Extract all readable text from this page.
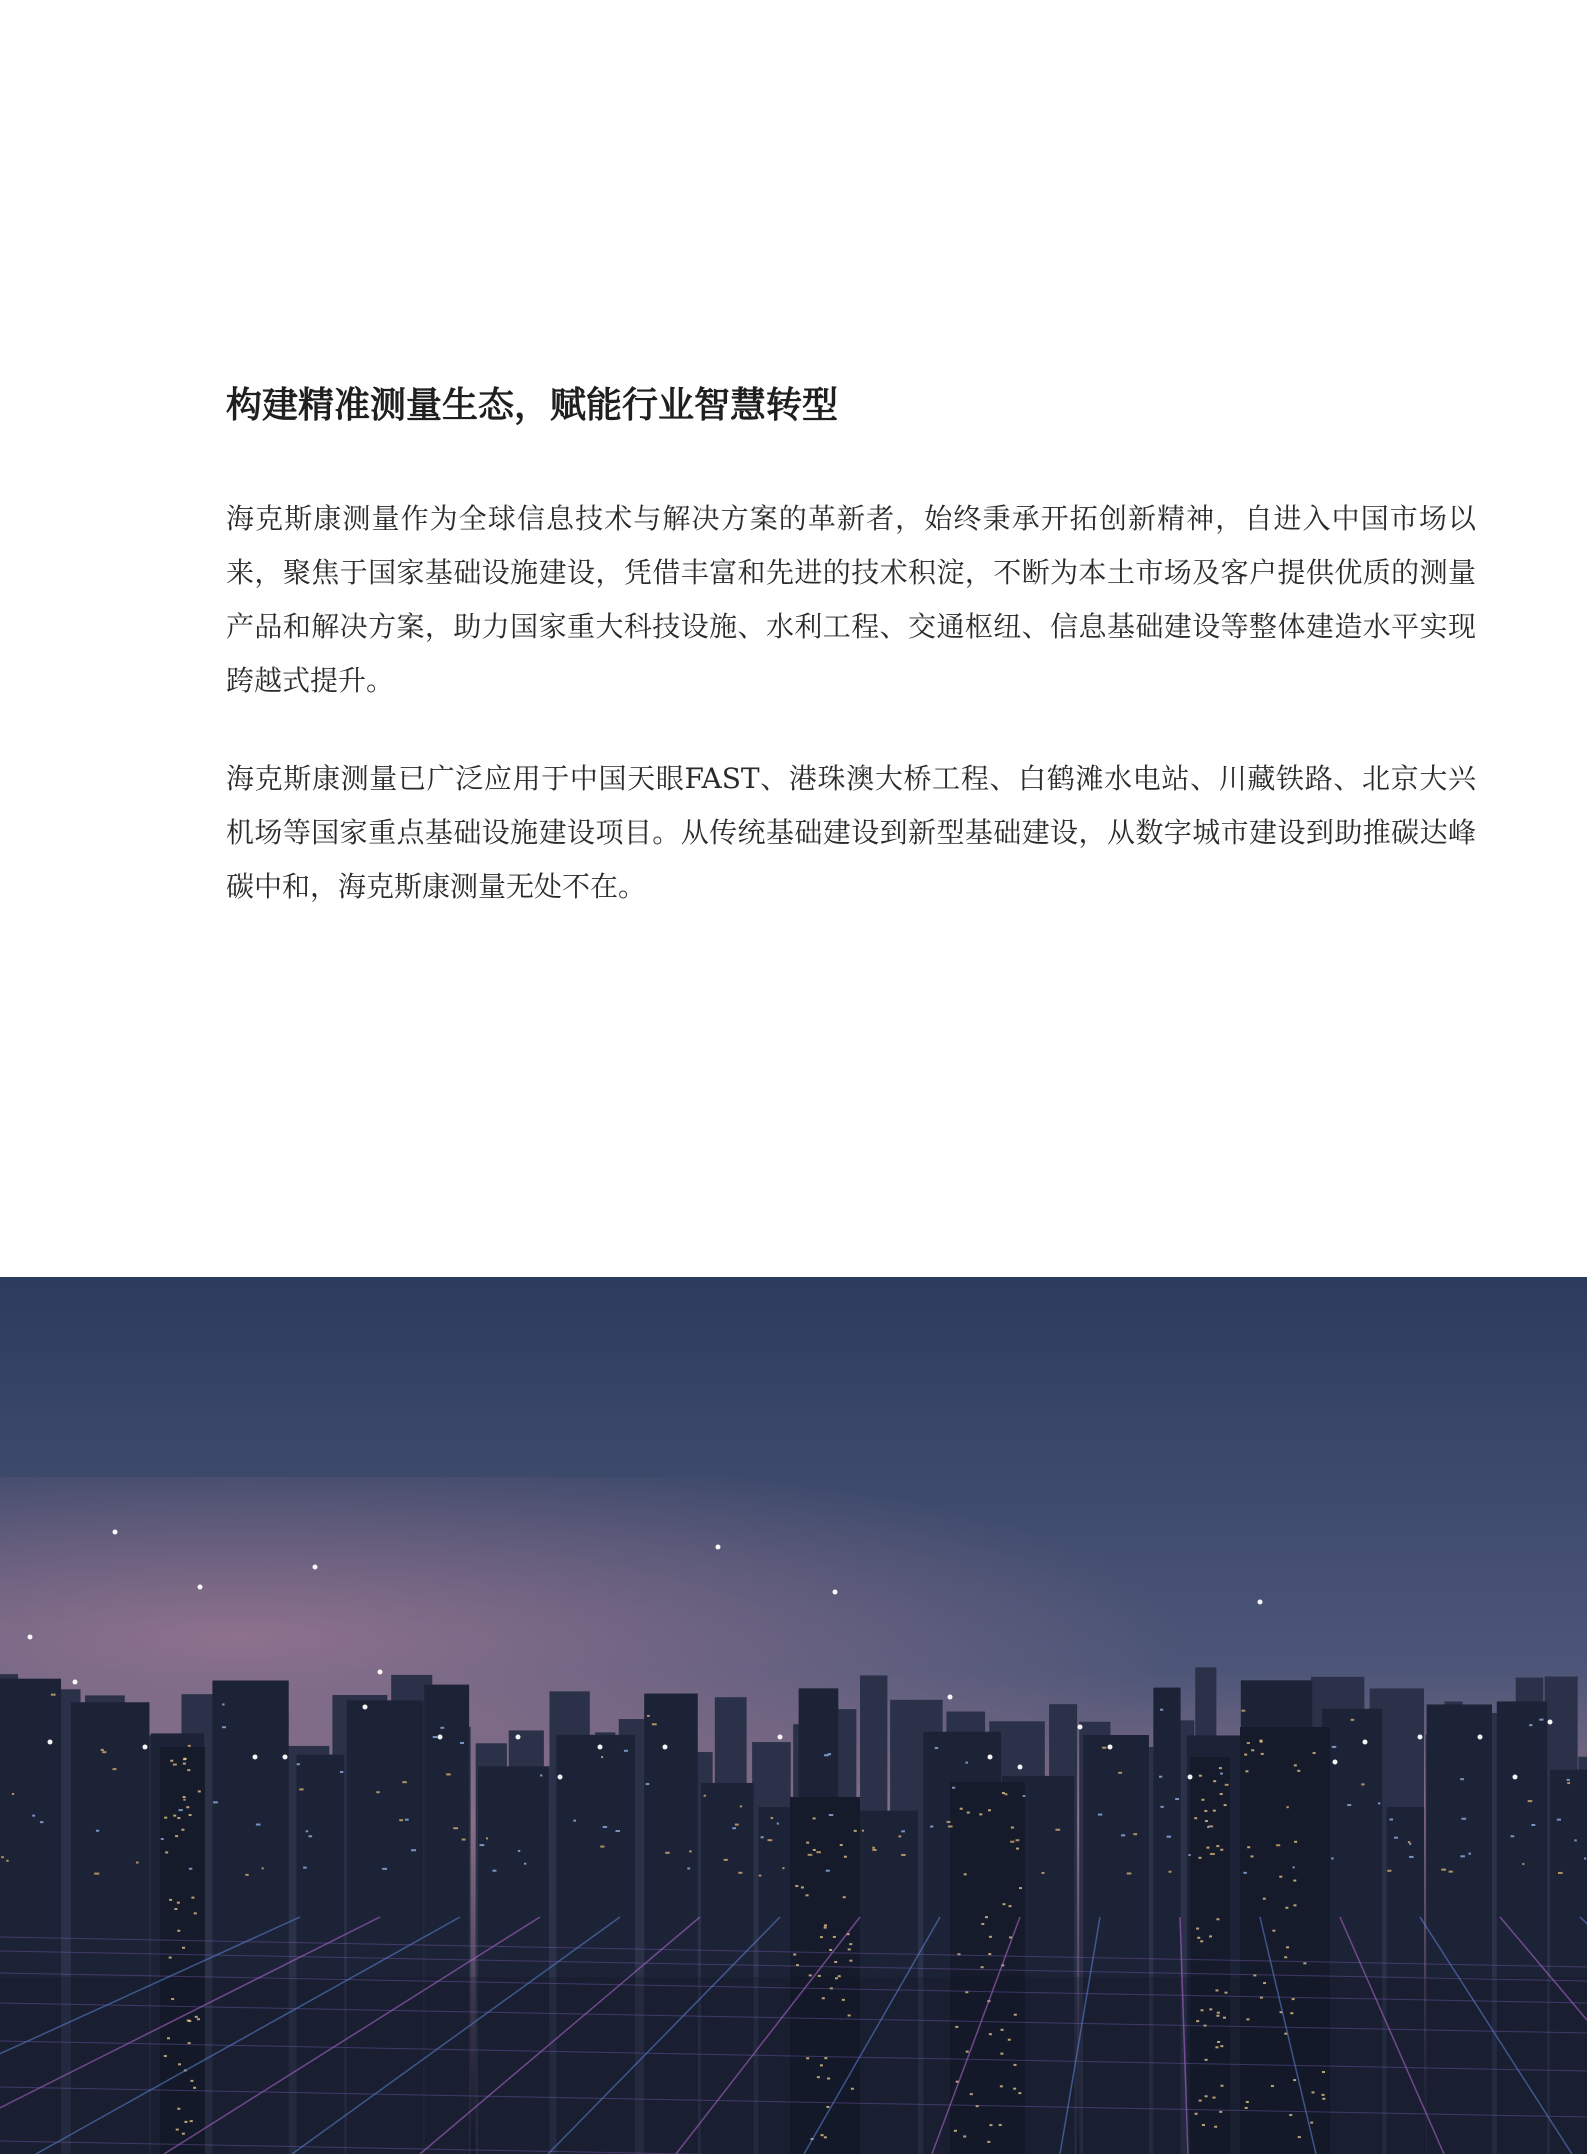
构建精准测量生态，赋能行业智慧转型

海克斯康测量作为全球信息技术与解决方案的革新者，始终秉承开拓创新精神，自进入中国市场以来，聚焦于国家基础设施建设，凭借丰富和先进的技术积淀，不断为本土市场及客户提供优质的测量产品和解决方案，助力国家重大科技设施、水利工程、交通枢纽、信息基础建设等整体建造水平实现跨越式提升。

海克斯康测量已广泛应用于中国天眼FAST、港珠澳大桥工程、白鹤滩水电站、川藏铁路、北京大兴机场等国家重点基础设施建设项目。从传统基础建设到新型基础建设，从数字城市建设到助推碳达峰碳中和，海克斯康测量无处不在。
